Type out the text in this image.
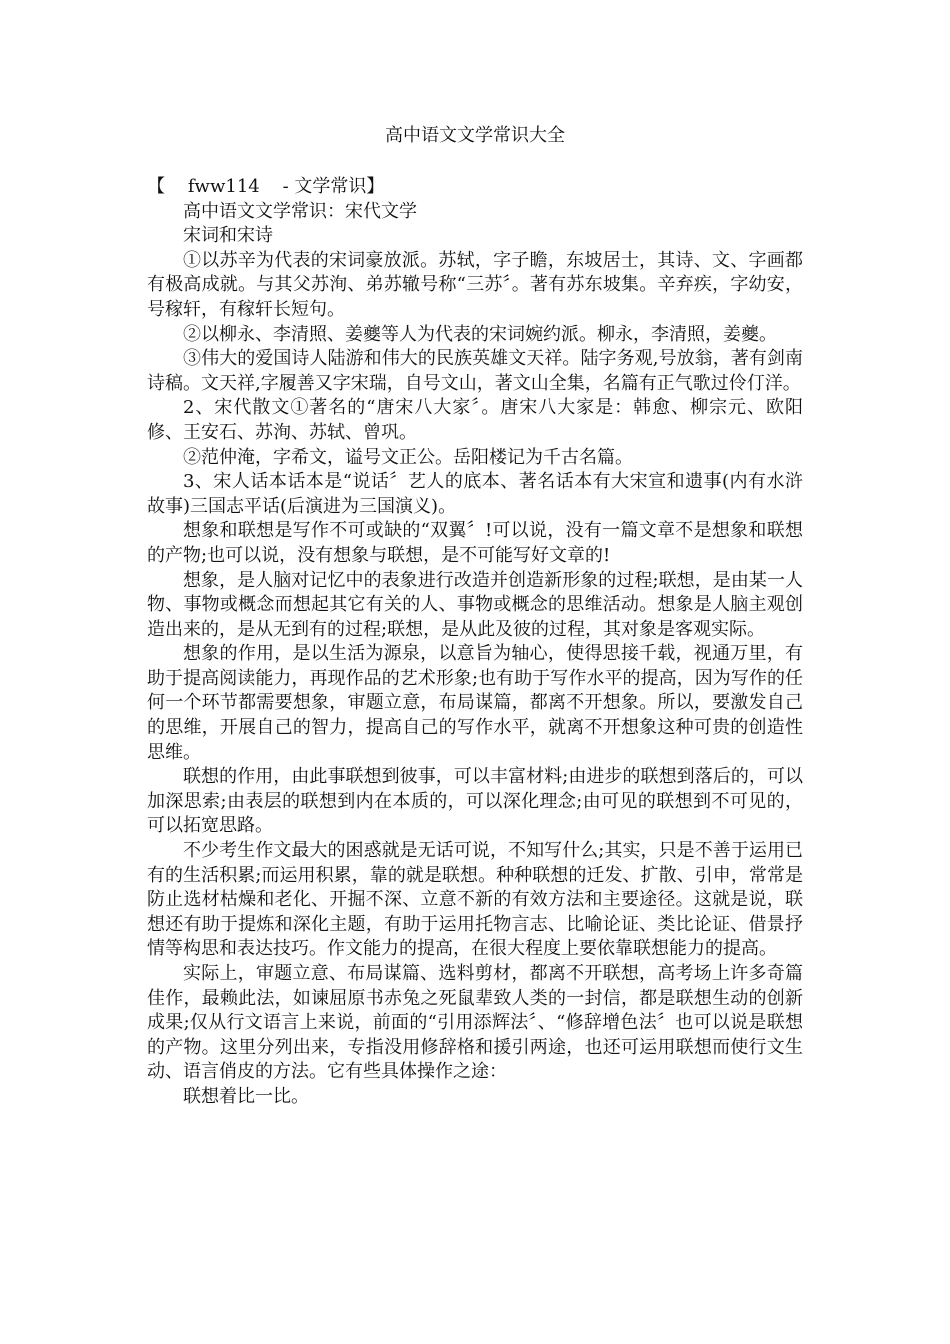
高中语文文学常识大全

【    fww114    - 文学常识】

高中语文文学常识：宋代文学

宋词和宋诗

①以苏辛为代表的宋词豪放派。苏轼，字子瞻，东坡居士，其诗、文、字画都有极高成就。与其父苏洵、弟苏辙号称“三苏〞。著有苏东坡集。辛弃疾，字幼安，号稼轩，有稼轩长短句。

②以柳永、李清照、姜夔等人为代表的宋词婉约派。柳永，李清照，姜夔。

③伟大的爱国诗人陆游和伟大的民族英雄文天祥。陆字务观,号放翁，著有剑南诗稿。文天祥,字履善又字宋瑞，自号文山，著文山全集，名篇有正气歌过伶仃洋。

2、宋代散文①著名的“唐宋八大家〞。唐宋八大家是：韩愈、柳宗元、欧阳修、王安石、苏洵、苏轼、曾巩。

②范仲淹，字希文，谥号文正公。岳阳楼记为千古名篇。

3、宋人话本话本是“说话〞艺人的底本、著名话本有大宋宣和遗事(内有水浒故事)三国志平话(后演进为三国演义)。

想象和联想是写作不可或缺的“双翼〞!可以说，没有一篇文章不是想象和联想的产物;也可以说，没有想象与联想，是不可能写好文章的!

想象，是人脑对记忆中的表象进行改造并创造新形象的过程;联想，是由某一人物、事物或概念而想起其它有关的人、事物或概念的思维活动。想象是人脑主观创造出来的，是从无到有的过程;联想，是从此及彼的过程，其对象是客观实际。

想象的作用，是以生活为源泉，以意旨为轴心，使得思接千载，视通万里，有助于提高阅读能力，再现作品的艺术形象;也有助于写作水平的提高，因为写作的任何一个环节都需要想象，审题立意，布局谋篇，都离不开想象。所以，要激发自己的思维，开展自己的智力，提高自己的写作水平，就离不开想象这种可贵的创造性思维。

联想的作用，由此事联想到彼事，可以丰富材料;由进步的联想到落后的，可以加深思索;由表层的联想到内在本质的，可以深化理念;由可见的联想到不可见的，可以拓宽思路。

不少考生作文最大的困惑就是无话可说，不知写什么;其实，只是不善于运用已有的生活积累;而运用积累，靠的就是联想。种种联想的迁发、扩散、引申，常常是防止选材枯燥和老化、开掘不深、立意不新的有效方法和主要途径。这就是说，联想还有助于提炼和深化主题，有助于运用托物言志、比喻论证、类比论证、借景抒情等构思和表达技巧。作文能力的提高，在很大程度上要依靠联想能力的提高。

实际上，审题立意、布局谋篇、选料剪材，都离不开联想，高考场上许多奇篇佳作，最赖此法，如谏屈原书赤兔之死鼠辈致人类的一封信，都是联想生动的创新成果;仅从行文语言上来说，前面的“引用添辉法〞、“修辞增色法〞也可以说是联想的产物。这里分列出来，专指没用修辞格和援引两途，也还可运用联想而使行文生动、语言俏皮的方法。它有些具体操作之途：

联想着比一比。
